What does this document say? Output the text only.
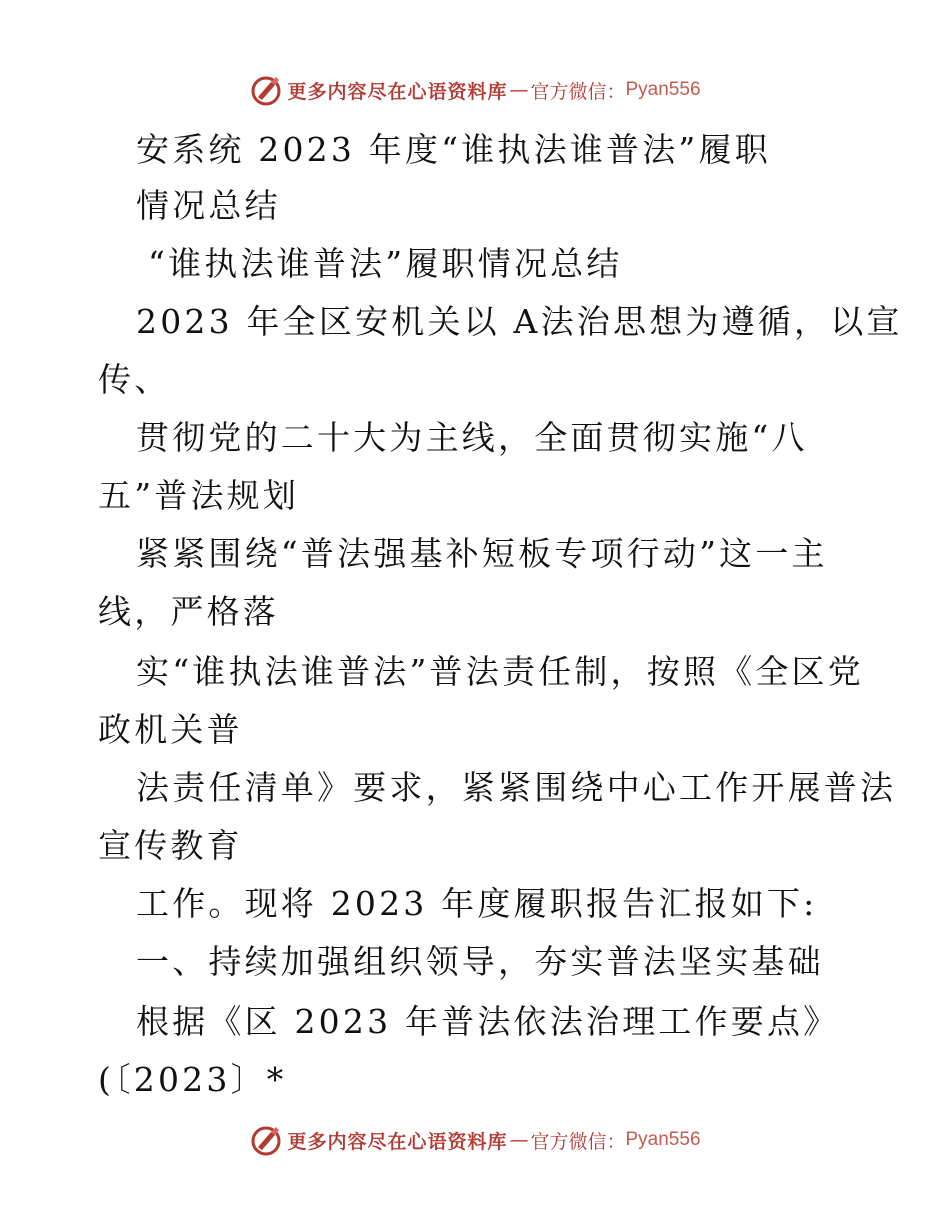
更多内容尽在心语资料库 — 官方微信： Pyan556
安系统 2023 年度“谁执法谁普法”履职
情况总结
“谁执法谁普法”履职情况总结
2023 年全区安机关以 A法治思想为遵循，以宣
传、
贯彻党的二十大为主线，全面贯彻实施“八
五”普法规划
紧紧围绕“普法强基补短板专项行动”这一主
线，严格落
实“谁执法谁普法”普法责任制，按照《全区党
政机关普
法责任清单》要求，紧紧围绕中心工作开展普法
宣传教育
工作。现将 2023 年度履职报告汇报如下:
一、持续加强组织领导，夯实普法坚实基础
根据《区 2023 年普法依法治理工作要点》
(〔2023〕*
更多内容尽在心语资料库 — 官方微信： Pyan556
